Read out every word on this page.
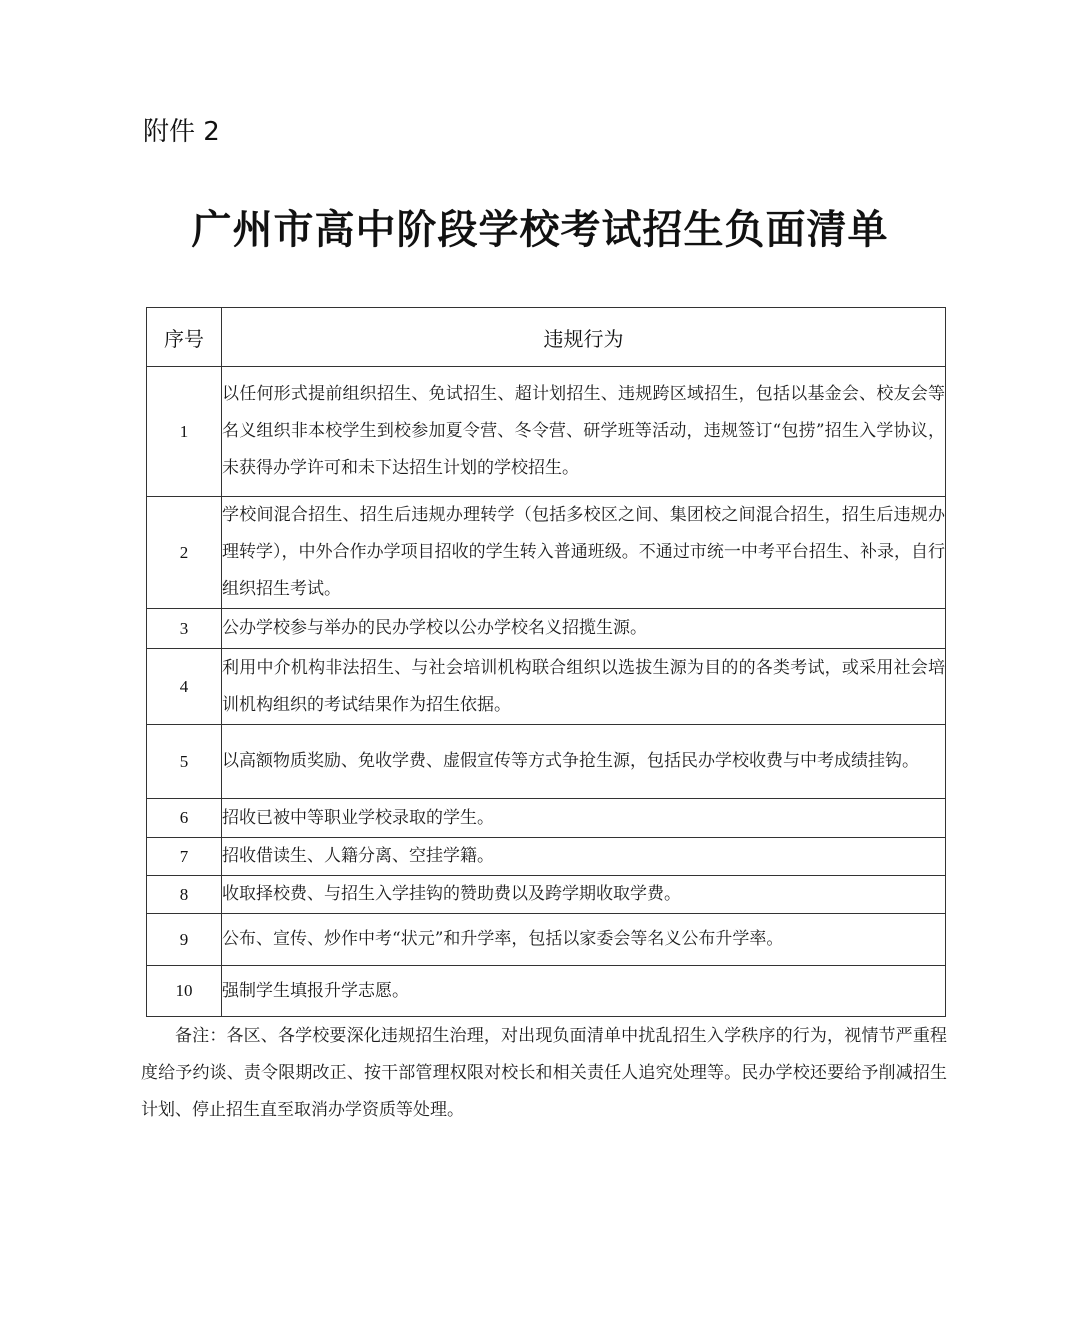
附件 2
广州市高中阶段学校考试招生负面清单
序号	违规行为
1	以任何形式提前组织招生、免试招生、超计划招生、违规跨区域招生，包括以基金会、校友会等名义组织非本校学生到校参加夏令营、冬令营、研学班等活动，违规签订“包捞”招生入学协议，未获得办学许可和未下达招生计划的学校招生。
2	学校间混合招生、招生后违规办理转学（包括多校区之间、集团校之间混合招生，招生后违规办理转学），中外合作办学项目招收的学生转入普通班级。不通过市统一中考平台招生、补录，自行组织招生考试。
3	公办学校参与举办的民办学校以公办学校名义招揽生源。
4	利用中介机构非法招生、与社会培训机构联合组织以选拔生源为目的的各类考试，或采用社会培训机构组织的考试结果作为招生依据。
5	以高额物质奖励、免收学费、虚假宣传等方式争抢生源，包括民办学校收费与中考成绩挂钩。
6	招收已被中等职业学校录取的学生。
7	招收借读生、人籍分离、空挂学籍。
8	收取择校费、与招生入学挂钩的赞助费以及跨学期收取学费。
9	公布、宣传、炒作中考“状元”和升学率，包括以家委会等名义公布升学率。
10	强制学生填报升学志愿。

备注：各区、各学校要深化违规招生治理，对出现负面清单中扰乱招生入学秩序的行为，视情节严重程度给予约谈、责令限期改正、按干部管理权限对校长和相关责任人追究处理等。民办学校还要给予削减招生计划、停止招生直至取消办学资质等处理。
